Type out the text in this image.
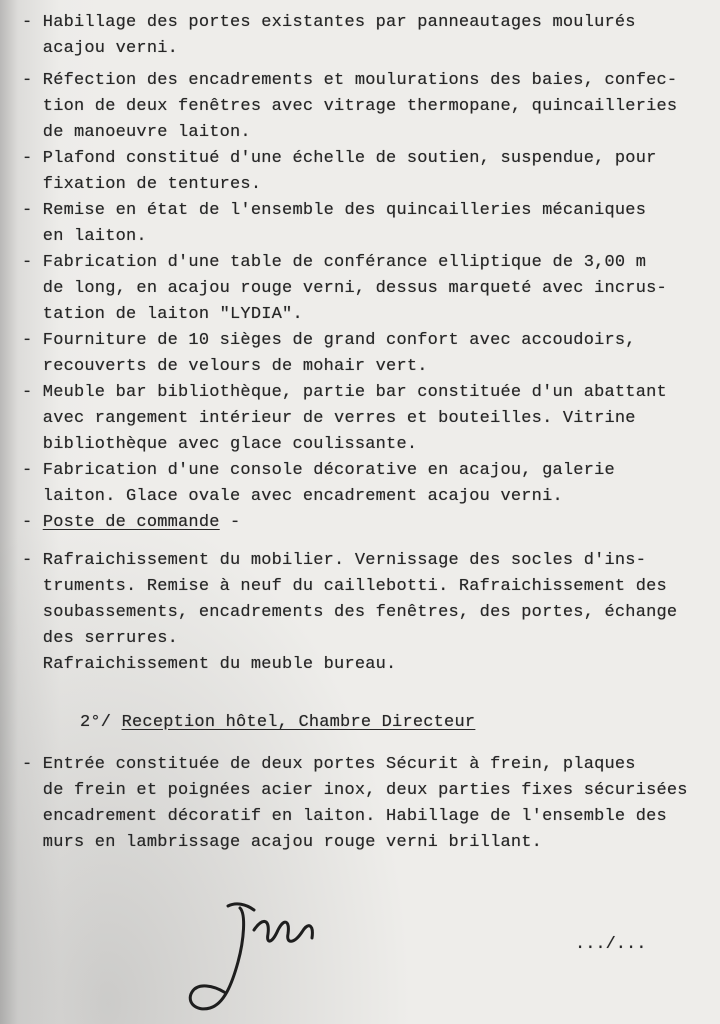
- Habillage des portes existantes par panneautages moulurés
acajou verni.
- Réfection des encadrements et moulurations des baies, confec-
tion de deux fenêtres avec vitrage thermopane, quincailleries
de manoeuvre laiton.
- Plafond constitué d'une échelle de soutien, suspendue, pour
fixation de tentures.
- Remise en état de l'ensemble des quincailleries mécaniques
en laiton.
- Fabrication d'une table de conférance elliptique de 3,00 m
de long, en acajou rouge verni, dessus marqueté avec incrus-
tation de laiton "LYDIA".
- Fourniture de 10 sièges de grand confort avec accoudoirs,
recouverts de velours de mohair vert.
- Meuble bar bibliothèque, partie bar constituée d'un abattant
avec rangement intérieur de verres et bouteilles. Vitrine
bibliothèque avec glace coulissante.
- Fabrication d'une console décorative en acajou, galerie
laiton. Glace ovale avec encadrement acajou verni.
- Poste de commande -
- Rafraichissement du mobilier. Vernissage des socles d'ins-
truments. Remise à neuf du caillebotti. Rafraichissement des
soubassements, encadrements des fenêtres, des portes, échange
des serrures.
Rafraichissement du meuble bureau.
2°/ Reception hôtel, Chambre Directeur
- Entrée constituée de deux portes Sécurit à frein, plaques
de frein et poignées acier inox, deux parties fixes sécurisées
encadrement décoratif en laiton. Habillage de l'ensemble des
murs en lambrissage acajou rouge verni brillant.
.../...
